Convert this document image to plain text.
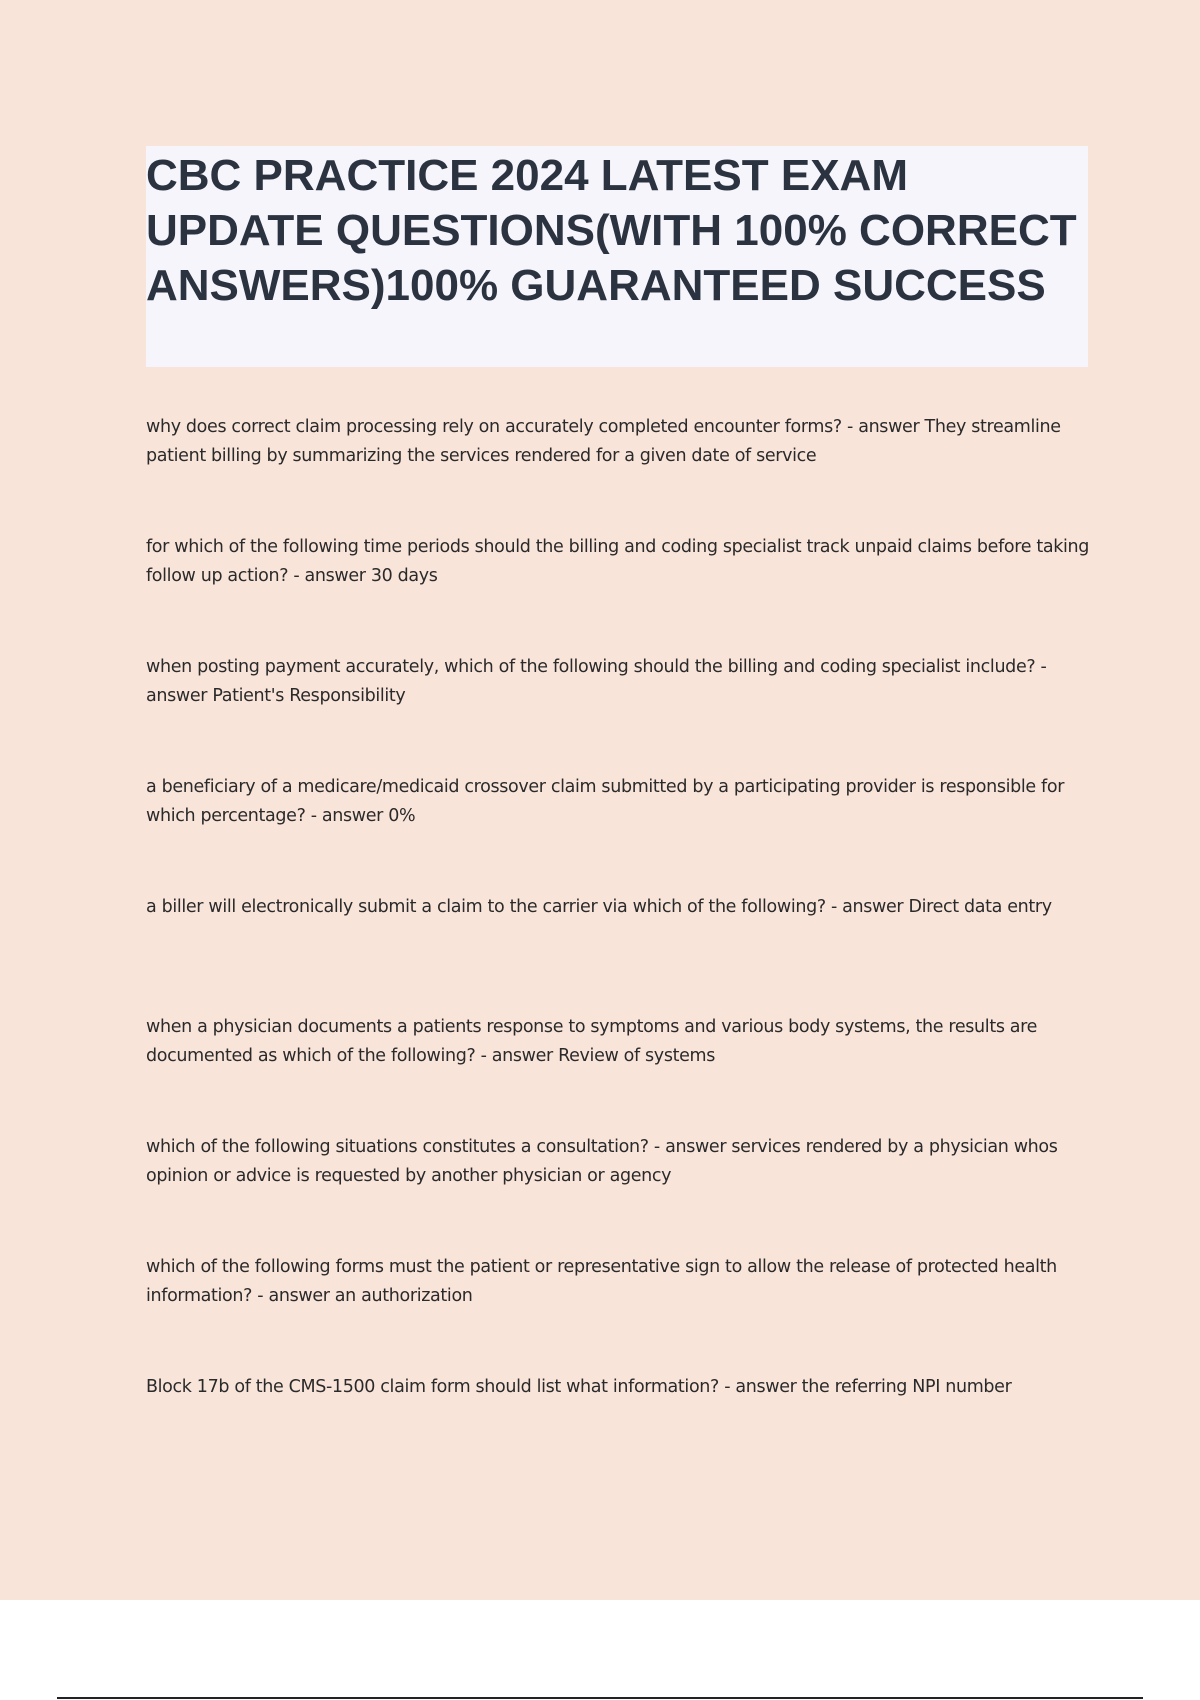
CBC PRACTICE 2024 LATEST EXAM UPDATE QUESTIONS(WITH 100% CORRECT ANSWERS)100% GUARANTEED SUCCESS
why does correct claim processing rely on accurately completed encounter forms? - answer They streamline patient billing by summarizing the services rendered for a given date of service
for which of the following time periods should the billing and coding specialist track unpaid claims before taking follow up action? - answer 30 days
when posting payment accurately, which of the following should the billing and coding specialist include? - answer Patient's Responsibility
a beneficiary of a medicare/medicaid crossover claim submitted by a participating provider is responsible for which percentage? - answer 0%
a biller will electronically submit a claim to the carrier via which of the following? - answer Direct data entry
when a physician documents a patients response to symptoms and various body systems, the results are documented as which of the following? - answer Review of systems
which of the following situations constitutes a consultation? - answer services rendered by a physician whos opinion or advice is requested by another physician or agency
which of the following forms must the patient or representative sign to allow the release of protected health information? - answer an authorization
Block 17b of the CMS-1500 claim form should list what information? - answer the referring NPI number
